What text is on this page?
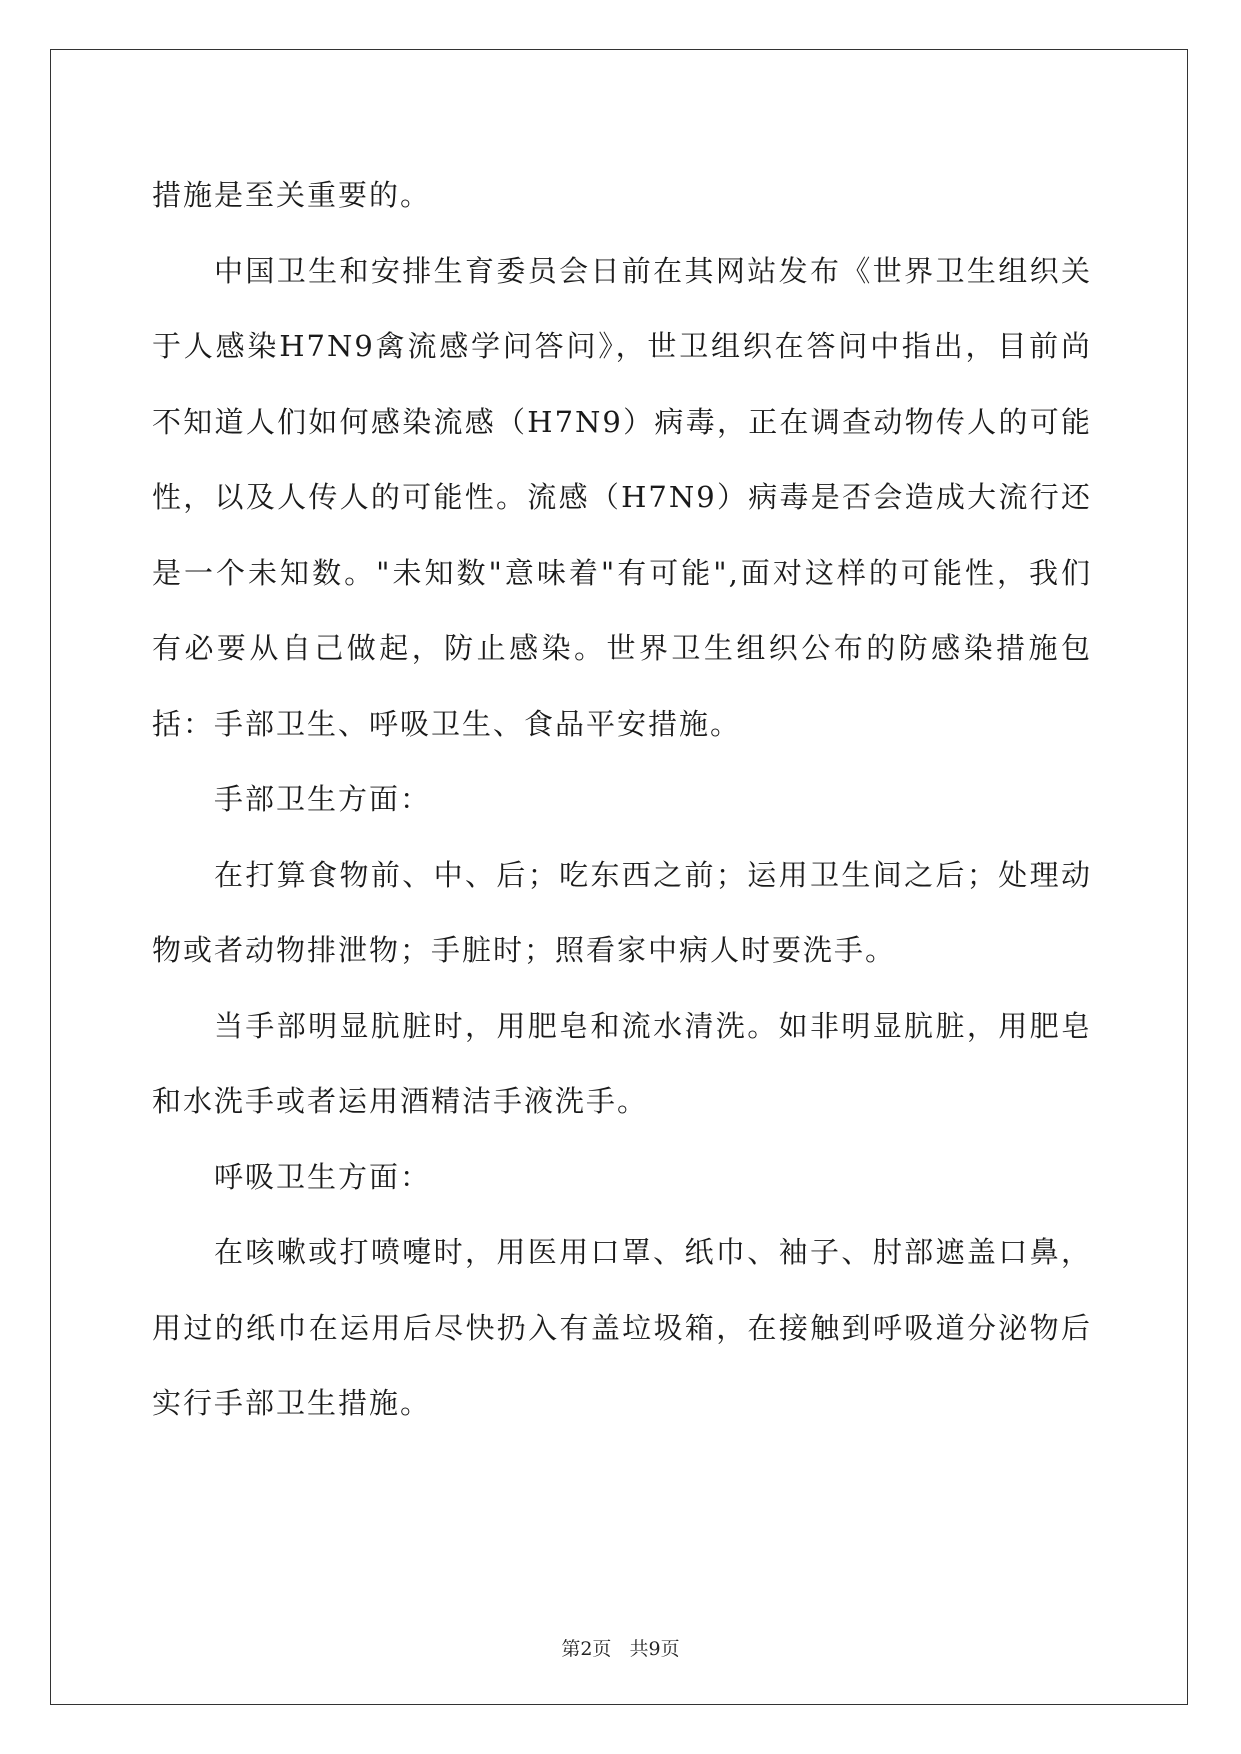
措施是至关重要的。

中国卫生和安排生育委员会日前在其网站发布《世界卫生组织关于人感染H7N9禽流感学问答问》，世卫组织在答问中指出，目前尚不知道人们如何感染流感（H7N9）病毒，正在调查动物传人的可能性，以及人传人的可能性。流感（H7N9）病毒是否会造成大流行还是一个未知数。"未知数"意味着"有可能",面对这样的可能性，我们有必要从自己做起，防止感染。世界卫生组织公布的防感染措施包括：手部卫生、呼吸卫生、食品平安措施。

手部卫生方面：

在打算食物前、中、后；吃东西之前；运用卫生间之后；处理动物或者动物排泄物；手脏时；照看家中病人时要洗手。

当手部明显肮脏时，用肥皂和流水清洗。如非明显肮脏，用肥皂和水洗手或者运用酒精洁手液洗手。

呼吸卫生方面：

在咳嗽或打喷嚏时，用医用口罩、纸巾、袖子、肘部遮盖口鼻，用过的纸巾在运用后尽快扔入有盖垃圾箱，在接触到呼吸道分泌物后实行手部卫生措施。

第2页   共9页
